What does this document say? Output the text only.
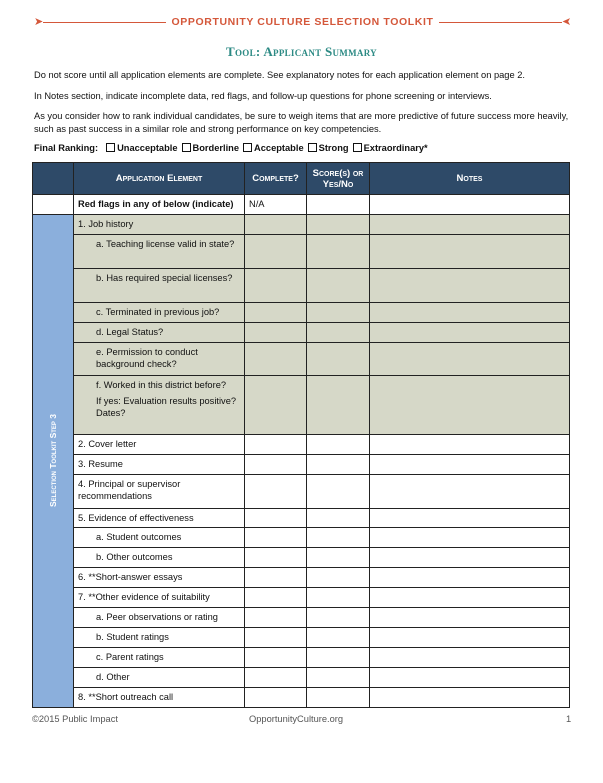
➤	OPPORTUNITY CULTURE SELECTION TOOLKIT	➤
Tool: Applicant Summary
Do not score until all application elements are complete. See explanatory notes for each application element on page 2.
In Notes section, indicate incomplete data, red flags, and follow-up questions for phone screening or interviews.
As you consider how to rank individual candidates, be sure to weigh items that are more predictive of future success more heavily, such as past success in a similar role and strong performance on key competencies.
Final Ranking:	Unacceptable	Borderline	Acceptable	Strong	Extraordinary*
	Application Element	Complete?	Score(s) or Yes/No	Notes

	Red flags in any of below (indicate)	N/A		

Selection Toolkit Step 3	1. Job history			

	a. Teaching license valid in state?			

	b. Has required special licenses?			

	c. Terminated in previous job?			

	d. Legal Status?			

	e. Permission to conduct background check?			

	f. Worked in this district before?
If yes: Evaluation results positive? Dates?			

	2. Cover letter			

	3. Resume			

	4. Principal or supervisor recommendations			

	5. Evidence of effectiveness			

	a. Student outcomes			

	b. Other outcomes			

	6. **Short-answer essays			

	7. **Other evidence of suitability			

	a. Peer observations or rating			

	b. Student ratings			

	c. Parent ratings			

	d. Other			

	8. **Short outreach call			

©2015 Public Impact	OpportunityCulture.org	1
